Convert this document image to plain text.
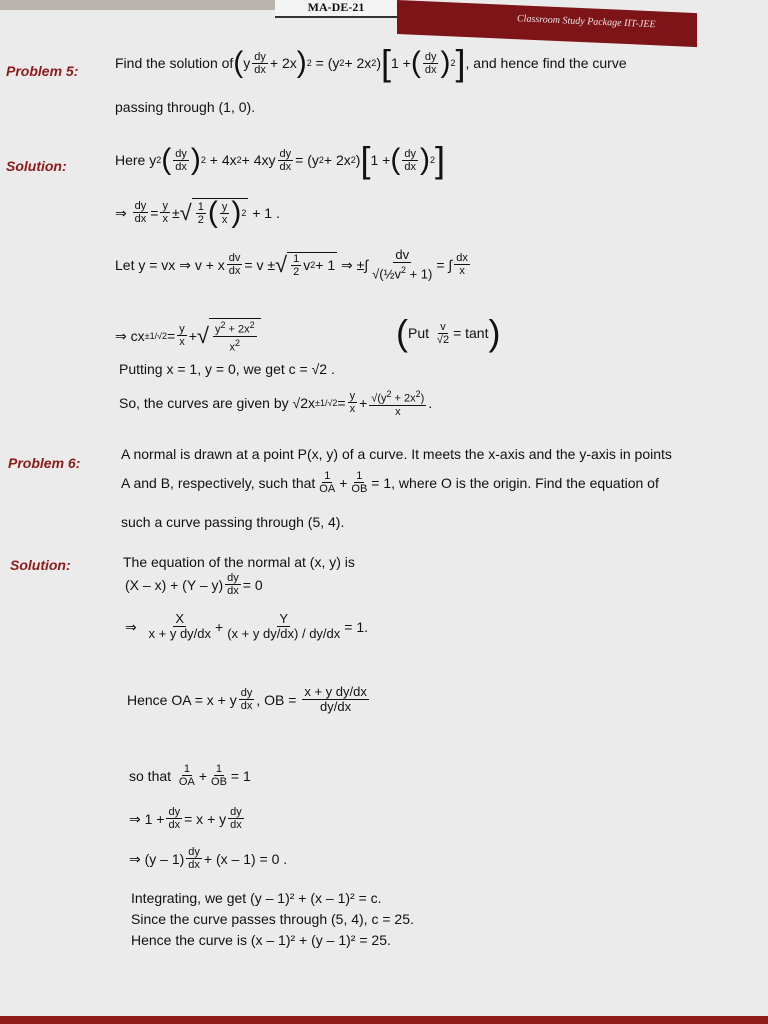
MA-DE-21
Classroom Study Package IIT-JEE
Problem 5:	Find the solution of ( y dy
dx + 2x ) 2 = (y 2 + 2x 2 ) [ 1 + ( dy
dx ) 2 ] , and hence find the curve
passing through (1, 0).
Solution:	Here y 2 ( dy
dx ) 2 + 4x 2 + 4xy dy
dx = (y 2 + 2x 2 ) [ 1 + ( dy
dx ) 2 ]
⇒ dy
dx = y
x ± √ 1
2 ( y
x ) 2 + 1 .
Let y = vx ⇒ v + x dv
dx = v ± √ 1
2 v 2 + 1 ⇒ ±∫
dv
$√(\frac{1}{2}v^2 + 1)$
= ∫ dx
x
⇒ cx ±1/√2 = y
x + √ $y^2 + 2x^2$
$x^2$	( Put
$\frac{v}{√2} = \tan t$ )
Putting x = 1, y = 0, we get c = √2 .
So, the curves are given by √2x ±1/√2 = y
$x + √(y^2 + 2x^2)$
x
.
Problem 6:
A normal is drawn at a point P(x, y) of a curve. It meets the x-axis and the y-axis in points
A and B, respectively, such that 1
OA + $\frac{1}{OB} = 1$, where O is the origin. Find the equation of
such a curve passing through (5, 4).
Solution:	The equation of the normal at (x, y) is
(X – x) + (Y – y) dy
dx = 0
⇒ X
x + y dy/dx +	Y
(x + y dy/dx) / dy/dx = 1.
Hence OA = x + y dy
dx , OB =
$\frac{\text{x + y dy/dx}}{dy/dx}$
so that
1
OA + 1
OB = 1
⇒ 1 + dy
dx = x + y dy
dx
⇒ (y – 1) dy
dx + (x – 1) = 0 .
Integrating, we get (y – 1)² + (x – 1)² = c.
Since the curve passes through (5, 4), c = 25.
Hence the curve is (x – 1)² + (y – 1)² = 25.
